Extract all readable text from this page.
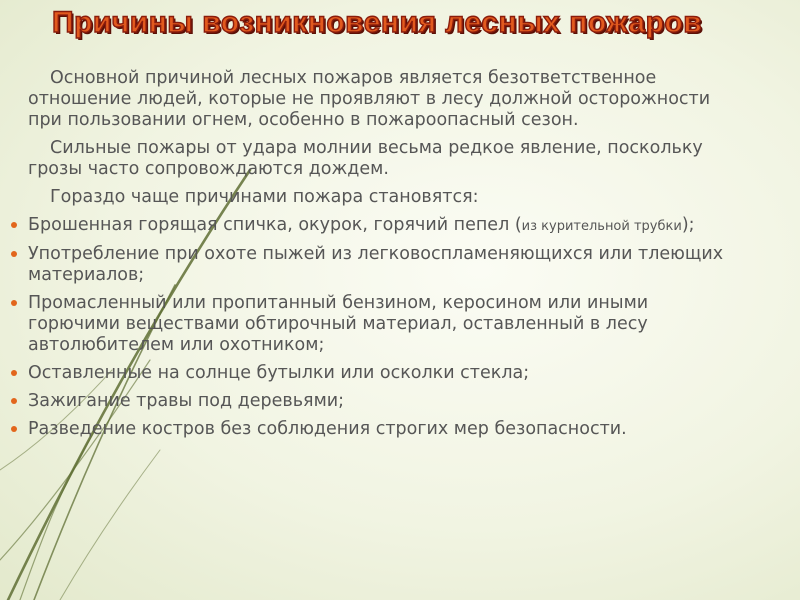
Причины возникновения лесных пожаров

Основной причиной лесных пожаров является безответственное отношение людей, которые не проявляют в лесу должной осторожности при пользовании огнем, особенно в пожароопасный сезон.

Сильные пожары от удара молнии весьма редкое явление, поскольку грозы часто сопровождаются дождем.

Гораздо чаще причинами пожара становятся:

Брошенная горящая спичка, окурок, горячий пепел (из курительной трубки);
Употребление при охоте пыжей из легковоспламеняющихся или тлеющих материалов;
Промасленный или пропитанный бензином, керосином или иными горючими веществами обтирочный материал, оставленный в лесу автолюбителем или охотником;
Оставленные на солнце бутылки или осколки стекла;
Зажигание травы под деревьями;
Разведение костров без соблюдения строгих мер безопасности.
